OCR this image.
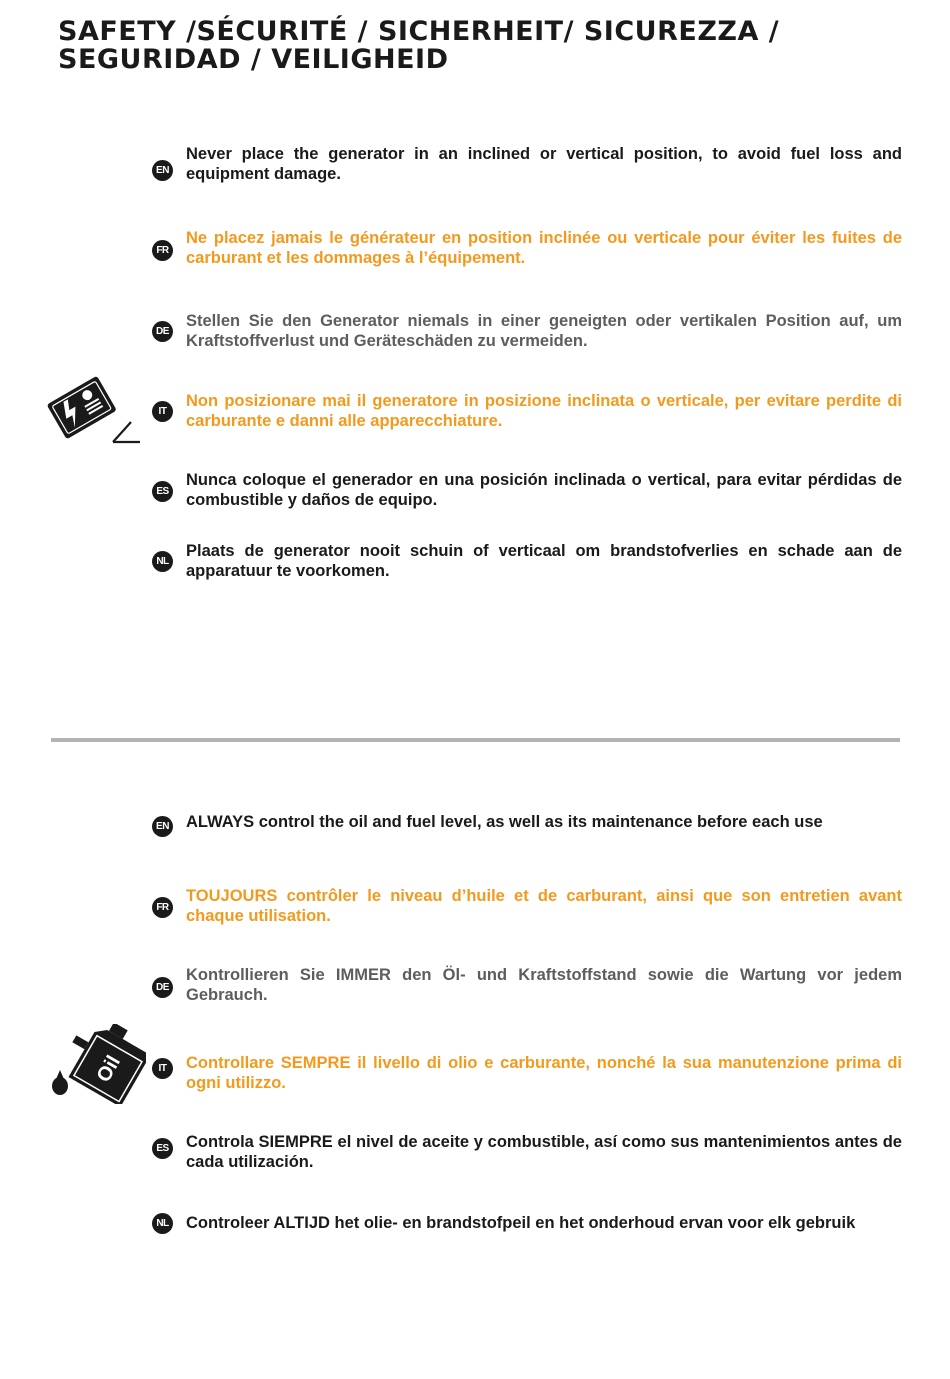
SAFETY /SÉCURITÉ / SICHERHEIT/ SICUREZZA /
SEGURIDAD / VEILIGHEID
EN

Never place the generator in an inclined or vertical position, to avoid fuel loss and equipment damage.

FR

Ne placez jamais le générateur en position inclinée ou verticale pour éviter les fuites de carburant et les dommages à l’équipement.

DE

Stellen Sie den Generator niemals in einer geneigten oder vertikalen Position auf, um Kraftstoffverlust und Geräteschäden zu vermeiden.

IT

Non posizionare mai il generatore in posizione inclinata o verticale, per evitare perdite di carburante e danni alle apparecchiature.

ES

Nunca coloque el generador en una posición inclinada o vertical, para evitar pérdidas de combustible y daños de equipo.

NL

Plaats de generator nooit schuin of verticaal om brandstofverlies en schade aan de apparatuur te voorkomen.

Oil
EN ALWAYS control the oil and fuel level, as well as its maintenance before each use

FR

TOUJOURS contrôler le niveau d’huile et de carburant, ainsi que son entretien avant chaque utilisation.

DE

Kontrollieren Sie IMMER den Öl- und Kraftstoffstand sowie die Wartung vor jedem Gebrauch.

IT	Controllare SEMPRE il livello di olio e carburante, nonché la sua manutenzione prima di ogni utilizzo.

ES Controla SIEMPRE el nivel de aceite y combustible, así como sus mantenimientos antes de cada utilización.

NL Controleer ALTIJD het olie- en brandstofpeil en het onderhoud ervan voor elk gebruik
